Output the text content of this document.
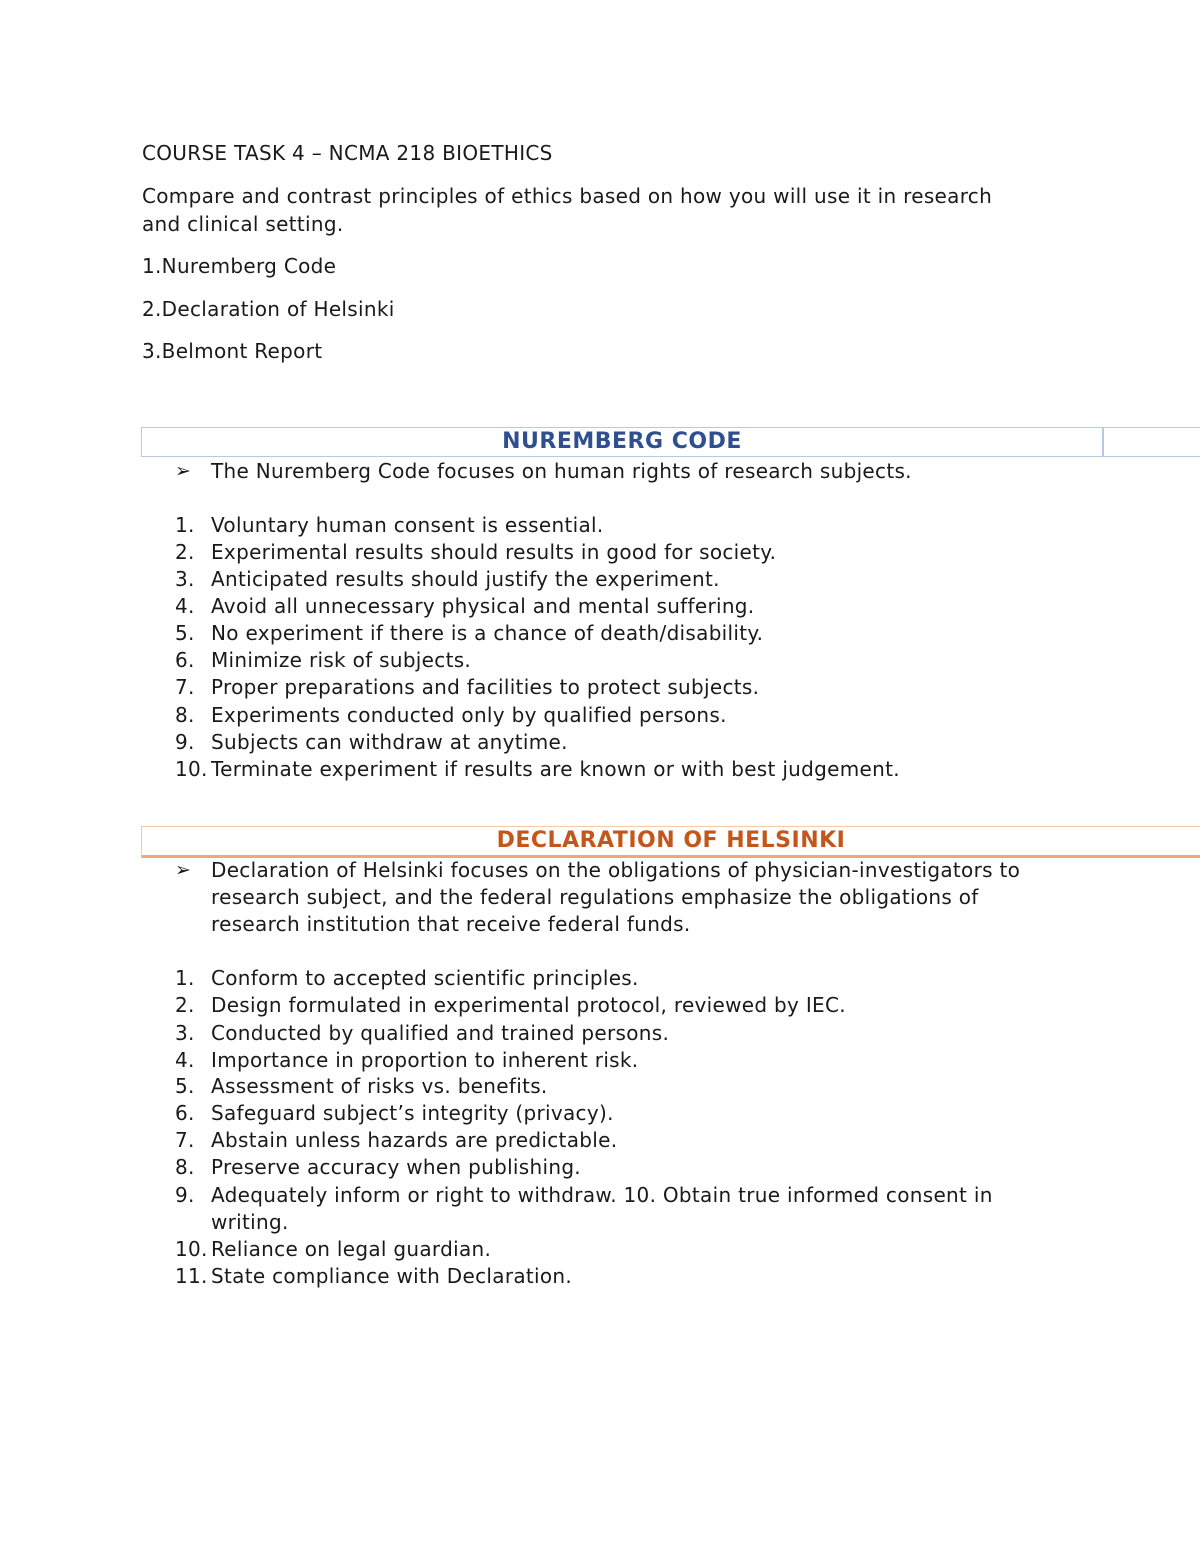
COURSE TASK 4 – NCMA 218 BIOETHICS
Compare and contrast principles of ethics based on how you will use it in research
and clinical setting.
1.Nuremberg Code
2.Declaration of Helsinki
3.Belmont Report
NUREMBERG CODE
➢ The Nuremberg Code focuses on human rights of research subjects.
1. Voluntary human consent is essential.
2. Experimental results should results in good for society.
3. Anticipated results should justify the experiment.
4. Avoid all unnecessary physical and mental suffering.
5. No experiment if there is a chance of death/disability.
6. Minimize risk of subjects.
7. Proper preparations and facilities to protect subjects.
8. Experiments conducted only by qualified persons.
9. Subjects can withdraw at anytime.
10. Terminate experiment if results are known or with best judgement.
DECLARATION OF HELSINKI
➢ Declaration of Helsinki focuses on the obligations of physician-investigators to
research subject, and the federal regulations emphasize the obligations of
research institution that receive federal funds.
1. Conform to accepted scientific principles.
2. Design formulated in experimental protocol, reviewed by IEC.
3. Conducted by qualified and trained persons.
4. Importance in proportion to inherent risk.
5. Assessment of risks vs. benefits.
6. Safeguard subject’s integrity (privacy).
7. Abstain unless hazards are predictable.
8. Preserve accuracy when publishing.
9. Adequately inform or right to withdraw. 10. Obtain true informed consent in writing.
10. Reliance on legal guardian.
11. State compliance with Declaration.
